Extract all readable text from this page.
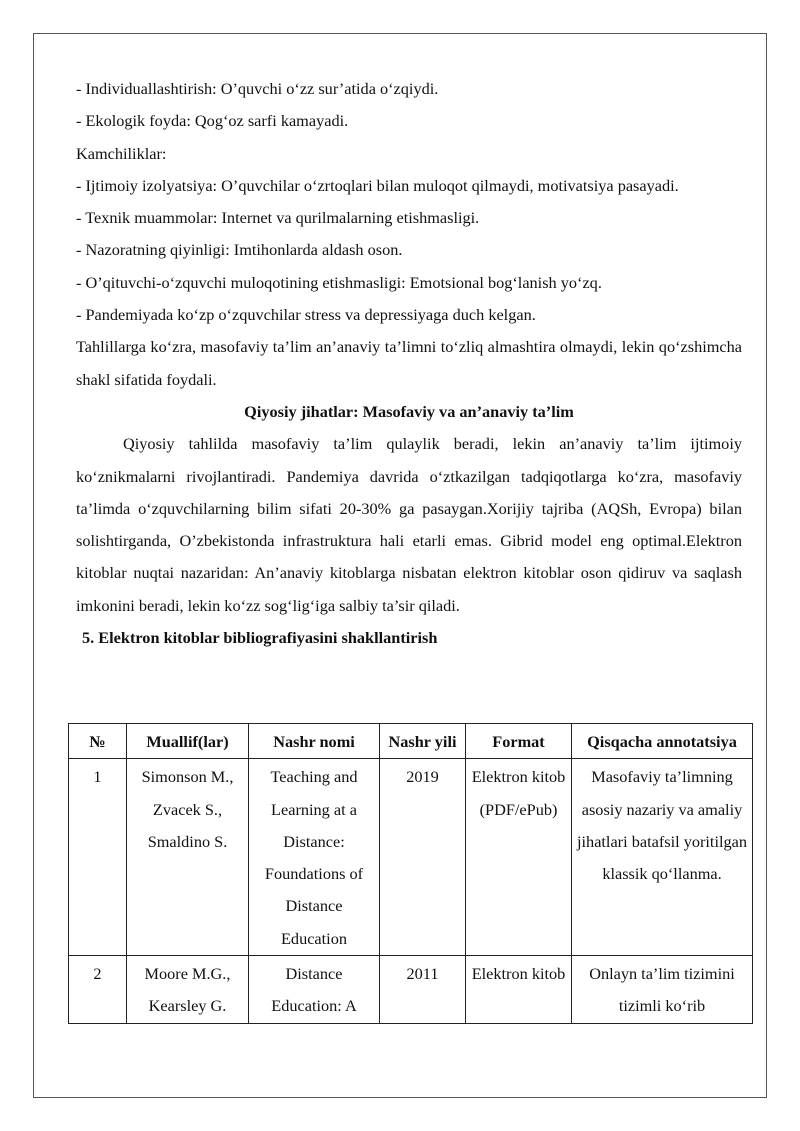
- Individuallashtirish: O’quvchi o‘zz sur’atida o‘zqiydi.

- Ekologik foyda: Qog‘oz sarfi kamayadi.

Kamchiliklar:

- Ijtimoiy izolyatsiya: O’quvchilar o‘zrtoqlari bilan muloqot qilmaydi, motivatsiya pasayadi.

- Texnik muammolar: Internet va qurilmalarning etishmasligi.

- Nazoratning qiyinligi: Imtihonlarda aldash oson.

- O’qituvchi-o‘zquvchi muloqotining etishmasligi: Emotsional bog‘lanish yo‘zq.

- Pandemiyada ko‘zp o‘zquvchilar stress va depressiyaga duch kelgan.

Tahlillarga ko‘zra, masofaviy ta’lim an’anaviy ta’limni to‘zliq almashtira olmaydi, lekin qo‘zshimcha shakl sifatida foydali.

Qiyosiy jihatlar: Masofaviy va an’anaviy ta’lim

Qiyosiy tahlilda masofaviy ta’lim qulaylik beradi, lekin an’anaviy ta’lim ijtimoiy ko‘znikmalarni rivojlantiradi. Pandemiya davrida o‘ztkazilgan tadqiqotlarga ko‘zra, masofaviy ta’limda o‘zquvchilarning bilim sifati 20-30% ga pasaygan.Xorijiy tajriba (AQSh, Evropa) bilan solishtirganda, O’zbekistonda infrastruktura hali etarli emas. Gibrid model eng optimal.Elektron kitoblar nuqtai nazaridan: An’anaviy kitoblarga nisbatan elektron kitoblar oson qidiruv va saqlash imkonini beradi, lekin ko‘zz sog‘lig‘iga salbiy ta’sir qiladi.

5. Elektron kitoblar bibliografiyasini shakllantirish

№	Muallif(lar)	Nashr nomi	Nashr yili	Format	Qisqacha annotatsiya
1	Simonson M., Zvacek S., Smaldino S.	Teaching and Learning at a Distance: Foundations of Distance Education	2019	Elektron kitob (PDF/ePub)	Masofaviy ta’limning asosiy nazariy va amaliy jihatlari batafsil yoritilgan klassik qo‘llanma.
2	Moore M.G., Kearsley G.	Distance Education: A	2011	Elektron kitob	Onlayn ta’lim tizimini tizimli ko‘rib
